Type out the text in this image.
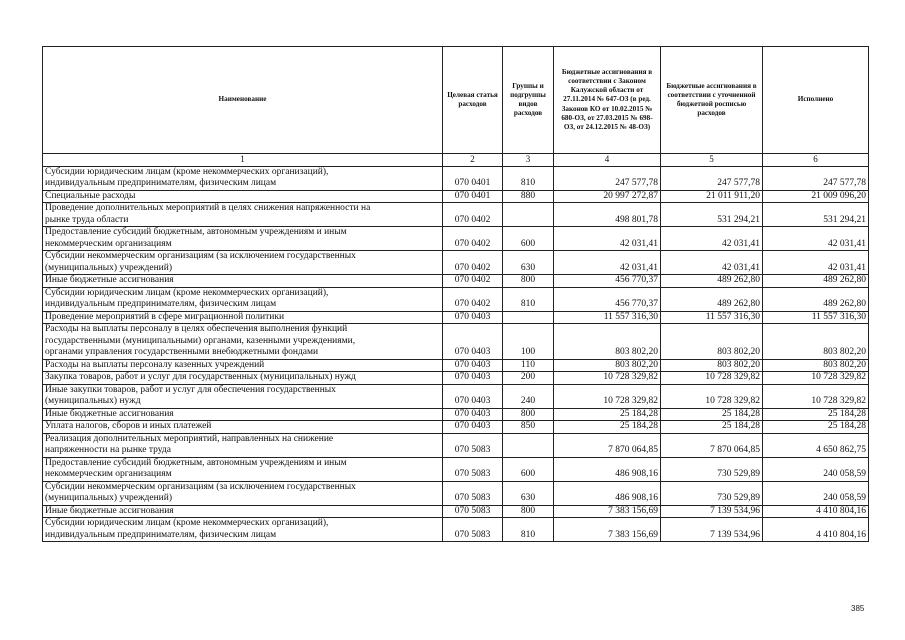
Наименование	Целевая статья расходов	Группы и подгруппы видов расходов	Бюджетные ассигнования в соответствии с Законом Калужской области от 27.11.2014 № 647-ОЗ (в ред. Законов КО от 10.02.2015 № 680-ОЗ, от 27.03.2015 № 698-ОЗ, от 24.12.2015 № 48-ОЗ)	Бюджетные ассигнования в соответствии с уточненной бюджетной росписью расходов	Исполнено
1	2	3	4	5	6
Субсидии юридическим лицам (кроме некоммерческих организаций),
индивидуальным предпринимателям, физическим лицам	070 0401	810	247 577,78	247 577,78	247 577,78
Специальные расходы	070 0401	880	20 997 272,87	21 011 911,20	21 009 096,20
Проведение дополнительных мероприятий в целях снижения напряженности на
рынке труда области	070 0402		498 801,78	531 294,21	531 294,21
Предоставление субсидий бюджетным, автономным учреждениям и иным
некоммерческим организациям	070 0402	600	42 031,41	42 031,41	42 031,41
Субсидии некоммерческим организациям (за исключением государственных
(муниципальных) учреждений)	070 0402	630	42 031,41	42 031,41	42 031,41
Иные бюджетные ассигнования	070 0402	800	456 770,37	489 262,80	489 262,80
Субсидии юридическим лицам (кроме некоммерческих организаций),
индивидуальным предпринимателям, физическим лицам	070 0402	810	456 770,37	489 262,80	489 262,80
Проведение мероприятий в сфере миграционной политики	070 0403		11 557 316,30	11 557 316,30	11 557 316,30
Расходы на выплаты персоналу в целях обеспечения выполнения функций
государственными (муниципальными) органами, казенными учреждениями,
органами управления государственными внебюджетными фондами	070 0403	100	803 802,20	803 802,20	803 802,20
Расходы на выплаты персоналу казенных учреждений	070 0403	110	803 802,20	803 802,20	803 802,20
Закупка товаров, работ и услуг для государственных (муниципальных) нужд	070 0403	200	10 728 329,82	10 728 329,82	10 728 329,82
Иные закупки товаров, работ и услуг для обеспечения государственных
(муниципальных) нужд	070 0403	240	10 728 329,82	10 728 329,82	10 728 329,82
Иные бюджетные ассигнования	070 0403	800	25 184,28	25 184,28	25 184,28
Уплата налогов, сборов и иных платежей	070 0403	850	25 184,28	25 184,28	25 184,28
Реализация дополнительных мероприятий, направленных на снижение
напряженности на рынке труда	070 5083		7 870 064,85	7 870 064,85	4 650 862,75
Предоставление субсидий бюджетным, автономным учреждениям и иным
некоммерческим организациям	070 5083	600	486 908,16	730 529,89	240 058,59
Субсидии некоммерческим организациям (за исключением государственных
(муниципальных) учреждений)	070 5083	630	486 908,16	730 529,89	240 058,59
Иные бюджетные ассигнования	070 5083	800	7 383 156,69	7 139 534,96	4 410 804,16
Субсидии юридическим лицам (кроме некоммерческих организаций),
индивидуальным предпринимателям, физическим лицам	070 5083	810	7 383 156,69	7 139 534,96	4 410 804,16
385
